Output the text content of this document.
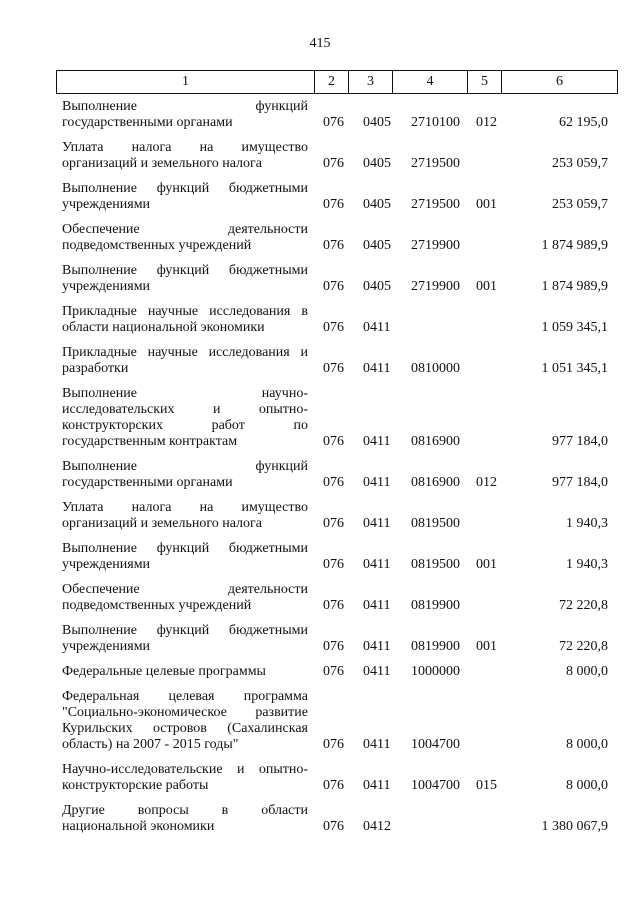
415
1	2	3	4	5	6
Выполнение функций
государственными органами	076 0405 2710100 012	62 195,0
Уплата налога на имущество
организаций и земельного налога	076 0405 2719500	253 059,7
Выполнение функций бюджетными
учреждениями	076 0405 2719500 001	253 059,7
Обеспечение деятельности
подведомственных учреждений	076 0405 2719900	1 874 989,9
Выполнение функций бюджетными
учреждениями	076 0405 2719900 001	1 874 989,9
Прикладные научные исследования в
области национальной экономики	076 0411	1 059 345,1
Прикладные научные исследования и
разработки	076 0411 0810000	1 051 345,1
Выполнение научно-
исследовательских и опытно-
конструкторских работ по
государственным контрактам	076 0411 0816900	977 184,0
Выполнение функций
государственными органами	076 0411 0816900 012	977 184,0
Уплата налога на имущество
организаций и земельного налога	076 0411 0819500	1 940,3
Выполнение функций бюджетными
учреждениями	076 0411 0819500 001	1 940,3
Обеспечение деятельности
подведомственных учреждений	076 0411 0819900	72 220,8
Выполнение функций бюджетными
учреждениями	076 0411 0819900 001	72 220,8
Федеральные целевые программы	076 0411 1000000	8 000,0
Федеральная целевая программа
"Социально-экономическое развитие
Курильских островов (Сахалинская
область) на 2007 - 2015 годы"	076 0411 1004700	8 000,0
Научно-исследовательские и опытно-
конструкторские работы	076 0411 1004700 015	8 000,0
Другие вопросы в области
национальной экономики	076 0412	1 380 067,9
